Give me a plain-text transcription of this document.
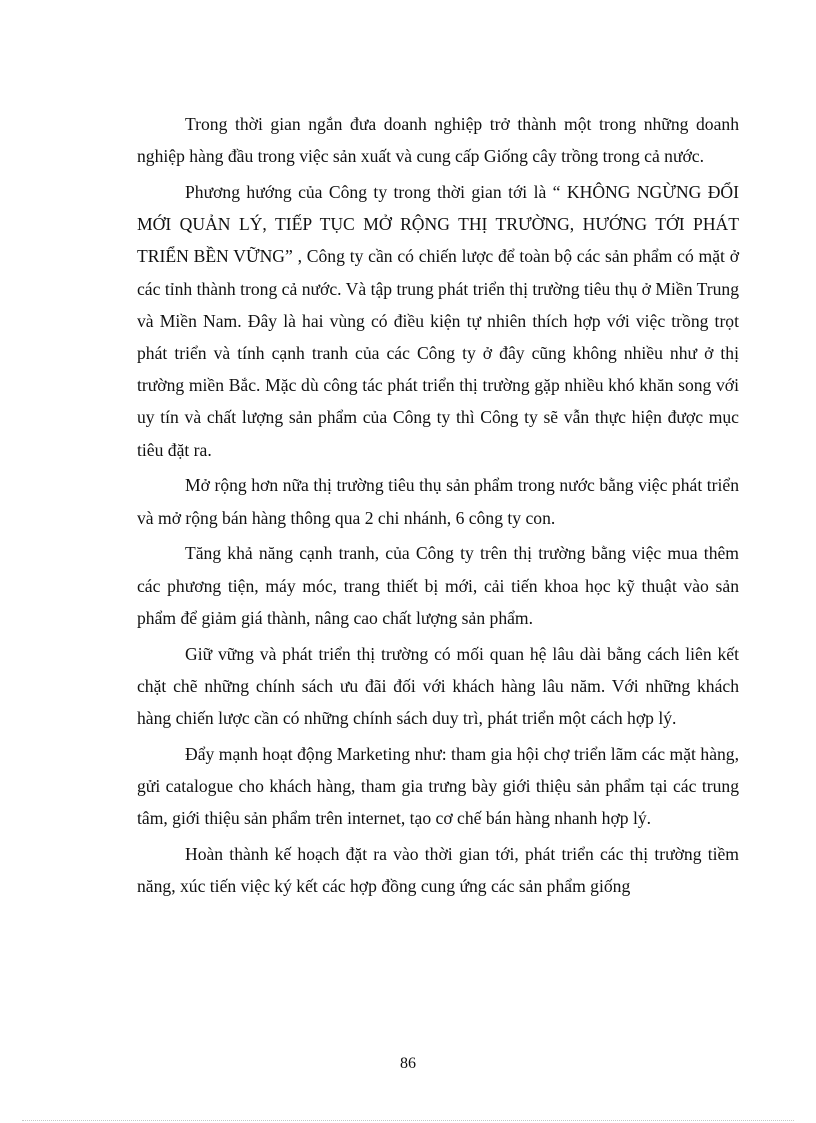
Trong thời gian ngắn đưa doanh nghiệp trở thành một trong những doanh nghiệp hàng đầu trong việc sản xuất và cung cấp Giống cây trồng trong cả nước.

Phương hướng của Công ty trong thời gian tới là “ KHÔNG NGỪNG ĐỔI MỚI QUẢN LÝ, TIẾP TỤC MỞ RỘNG THỊ TRƯỜNG, HƯỚNG TỚI PHÁT TRIỂN BỀN VỮNG” , Công ty cần có chiến lược để toàn bộ các sản phẩm có mặt ở các tỉnh thành trong cả nước. Và tập trung phát triển thị trường tiêu thụ ở Miền Trung và Miền Nam. Đây là hai vùng có điều kiện tự nhiên thích hợp với việc trồng trọt phát triển và tính cạnh tranh của các Công ty ở đây cũng không nhiều như ở thị trường miền Bắc. Mặc dù công tác phát triển thị trường gặp nhiều khó khăn song với uy tín và chất lượng sản phẩm của Công ty thì Công ty sẽ vẫn thực hiện được mục tiêu đặt ra.

Mở rộng hơn nữa thị trường tiêu thụ sản phẩm trong nước bằng việc phát triển và mở rộng bán hàng thông qua 2 chi nhánh, 6 công ty con.

Tăng khả năng cạnh tranh, của Công ty trên thị trường bằng việc mua thêm các phương tiện, máy móc, trang thiết bị mới, cải tiến khoa học kỹ thuật vào sản phẩm để giảm giá thành, nâng cao chất lượng sản phẩm.

Giữ vững và phát triển thị trường có mối quan hệ lâu dài bằng cách liên kết chặt chẽ những chính sách ưu đãi đối với khách hàng lâu năm. Với những khách hàng chiến lược cần có những chính sách duy trì, phát triển một cách hợp lý.

Đẩy mạnh hoạt động Marketing như: tham gia hội chợ triển lãm các mặt hàng, gửi catalogue cho khách hàng, tham gia trưng bày giới thiệu sản phẩm tại các trung tâm, giới thiệu sản phẩm trên internet, tạo cơ chế bán hàng nhanh hợp lý.

Hoàn thành kế hoạch đặt ra vào thời gian tới, phát triển các thị trường tiềm năng, xúc tiến việc ký kết các hợp đồng cung ứng các sản phẩm giống

86
